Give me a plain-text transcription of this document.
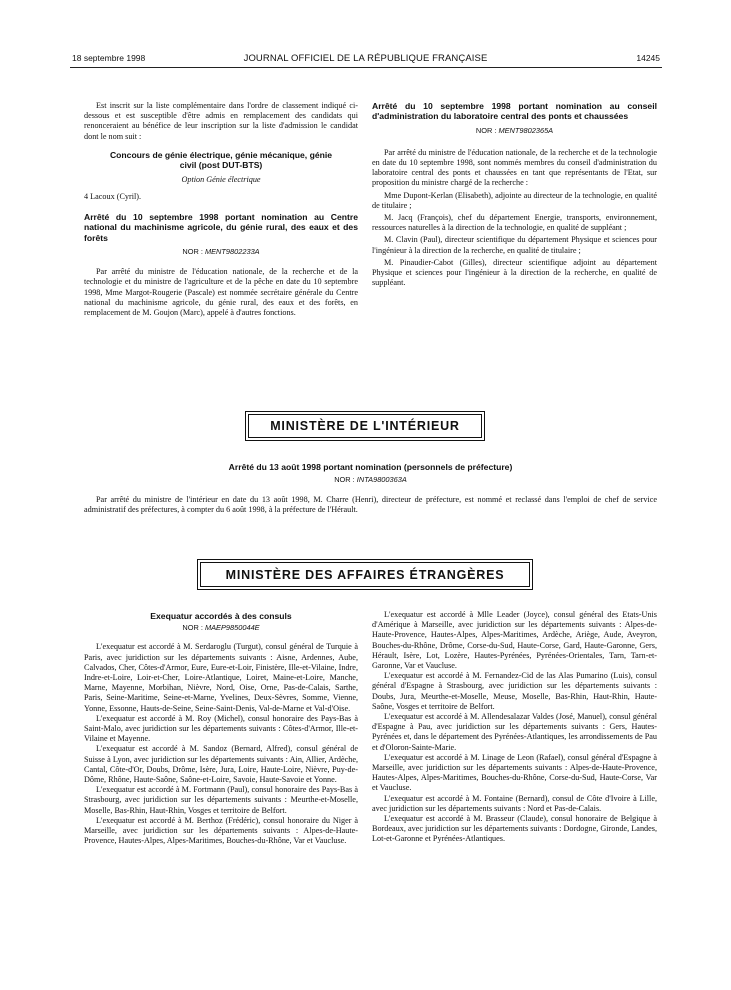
18 septembre 1998	JOURNAL OFFICIEL DE LA RÉPUBLIQUE FRANÇAISE	14245

Est inscrit sur la liste complémentaire dans l'ordre de classement indiqué ci-dessous et est susceptible d'être admis en remplacement des candidats qui renonceraient au bénéfice de leur inscription sur la liste d'admission le candidat dont le nom suit :

Concours de génie électrique, génie mécanique, génie civil (post DUT-BTS)
Option Génie électrique
4 Lacoux (Cyril).
Arrêté du 10 septembre 1998 portant nomination au Centre national du machinisme agricole, du génie rural, des eaux et des forêts
NOR : MENT9802233A

Par arrêté du ministre de l'éducation nationale, de la recherche et de la technologie et du ministre de l'agriculture et de la pêche en date du 10 septembre 1998, Mme Margot-Rougerie (Pascale) est nommée secrétaire générale du Centre national du machinisme agricole, du génie rural, des eaux et des forêts, en remplacement de M. Goujon (Marc), appelé à d'autres fonctions.

Arrêté du 10 septembre 1998 portant nomination au conseil d'administration du laboratoire central des ponts et chaussées
NOR : MENT9802365A

Par arrêté du ministre de l'éducation nationale, de la recherche et de la technologie en date du 10 septembre 1998, sont nommés membres du conseil d'administration du laboratoire central des ponts et chaussées en tant que représentants de l'Etat, sur proposition du ministre chargé de la recherche :

Mme Dupont-Kerlan (Elisabeth), adjointe au directeur de la technologie, en qualité de titulaire ;

M. Jacq (François), chef du département Energie, transports, environnement, ressources naturelles à la direction de la technologie, en qualité de suppléant ;

M. Clavin (Paul), directeur scientifique du département Physique et sciences pour l'ingénieur à la direction de la recherche, en qualité de titulaire ;

M. Pinaudier-Cabot (Gilles), directeur scientifique adjoint au département Physique et sciences pour l'ingénieur à la direction de la recherche, en qualité de suppléant.

MINISTÈRE DE L'INTÉRIEUR
Arrêté du 13 août 1998 portant nomination (personnels de préfecture)
NOR : INTA9800363A

Par arrêté du ministre de l'intérieur en date du 13 août 1998, M. Charre (Henri), directeur de préfecture, est nommé et reclassé dans l'emploi de chef de service administratif des préfectures, à compter du 6 août 1998, à la préfecture de l'Hérault.

MINISTÈRE DES AFFAIRES ÉTRANGÈRES
Exequatur accordés à des consuls
NOR : MAEP9850044E

L'exequatur est accordé à M. Serdaroglu (Turgut), consul général de Turquie à Paris, avec juridiction sur les départements suivants : Aisne, Ardennes, Aube, Calvados, Cher, Côtes-d'Armor, Eure, Eure-et-Loir, Finistère, Ille-et-Vilaine, Indre, Indre-et-Loire, Loir-et-Cher, Loire-Atlantique, Loiret, Maine-et-Loire, Manche, Marne, Mayenne, Morbihan, Nièvre, Nord, Oise, Orne, Pas-de-Calais, Sarthe, Paris, Seine-Maritime, Seine-et-Marne, Yvelines, Deux-Sèvres, Somme, Vienne, Yonne, Essonne, Hauts-de-Seine, Seine-Saint-Denis, Val-de-Marne et Val-d'Oise.

L'exequatur est accordé à M. Roy (Michel), consul honoraire des Pays-Bas à Saint-Malo, avec juridiction sur les départements suivants : Côtes-d'Armor, Ille-et-Vilaine et Mayenne.

L'exequatur est accordé à M. Sandoz (Bernard, Alfred), consul général de Suisse à Lyon, avec juridiction sur les départements suivants : Ain, Allier, Ardèche, Cantal, Côte-d'Or, Doubs, Drôme, Isère, Jura, Loire, Haute-Loire, Nièvre, Puy-de-Dôme, Rhône, Haute-Saône, Saône-et-Loire, Savoie, Haute-Savoie et Yonne.

L'exequatur est accordé à M. Fortmann (Paul), consul honoraire des Pays-Bas à Strasbourg, avec juridiction sur les départements suivants : Meurthe-et-Moselle, Moselle, Bas-Rhin, Haut-Rhin, Vosges et territoire de Belfort.

L'exequatur est accordé à M. Berthoz (Frédéric), consul honoraire du Niger à Marseille, avec juridiction sur les départements suivants : Alpes-de-Haute-Provence, Hautes-Alpes, Alpes-Maritimes, Bouches-du-Rhône, Var et Vaucluse.

L'exequatur est accordé à Mlle Leader (Joyce), consul général des Etats-Unis d'Amérique à Marseille, avec juridiction sur les départements suivants : Alpes-de-Haute-Provence, Hautes-Alpes, Alpes-Maritimes, Ardèche, Ariège, Aude, Aveyron, Bouches-du-Rhône, Drôme, Corse-du-Sud, Haute-Corse, Gard, Haute-Garonne, Gers, Hérault, Isère, Lot, Lozère, Hautes-Pyrénées, Pyrénées-Orientales, Tarn, Tarn-et-Garonne, Var et Vaucluse.

L'exequatur est accordé à M. Fernandez-Cid de las Alas Pumarino (Luis), consul général d'Espagne à Strasbourg, avec juridiction sur les départements suivants : Doubs, Jura, Meurthe-et-Moselle, Meuse, Moselle, Bas-Rhin, Haut-Rhin, Haute-Saône, Vosges et territoire de Belfort.

L'exequatur est accordé à M. Allendesalazar Valdes (José, Manuel), consul général d'Espagne à Pau, avec juridiction sur les départements suivants : Gers, Hautes-Pyrénées et, dans le département des Pyrénées-Atlantiques, les arrondissements de Pau et d'Oloron-Sainte-Marie.

L'exequatur est accordé à M. Linage de Leon (Rafael), consul général d'Espagne à Marseille, avec juridiction sur les départements suivants : Alpes-de-Haute-Provence, Hautes-Alpes, Alpes-Maritimes, Bouches-du-Rhône, Corse-du-Sud, Haute-Corse, Var et Vaucluse.

L'exequatur est accordé à M. Fontaine (Bernard), consul de Côte d'Ivoire à Lille, avec juridiction sur les départements suivants : Nord et Pas-de-Calais.

L'exequatur est accordé à M. Brasseur (Claude), consul honoraire de Belgique à Bordeaux, avec juridiction sur les départements suivants : Dordogne, Gironde, Landes, Lot-et-Garonne et Pyrénées-Atlantiques.
